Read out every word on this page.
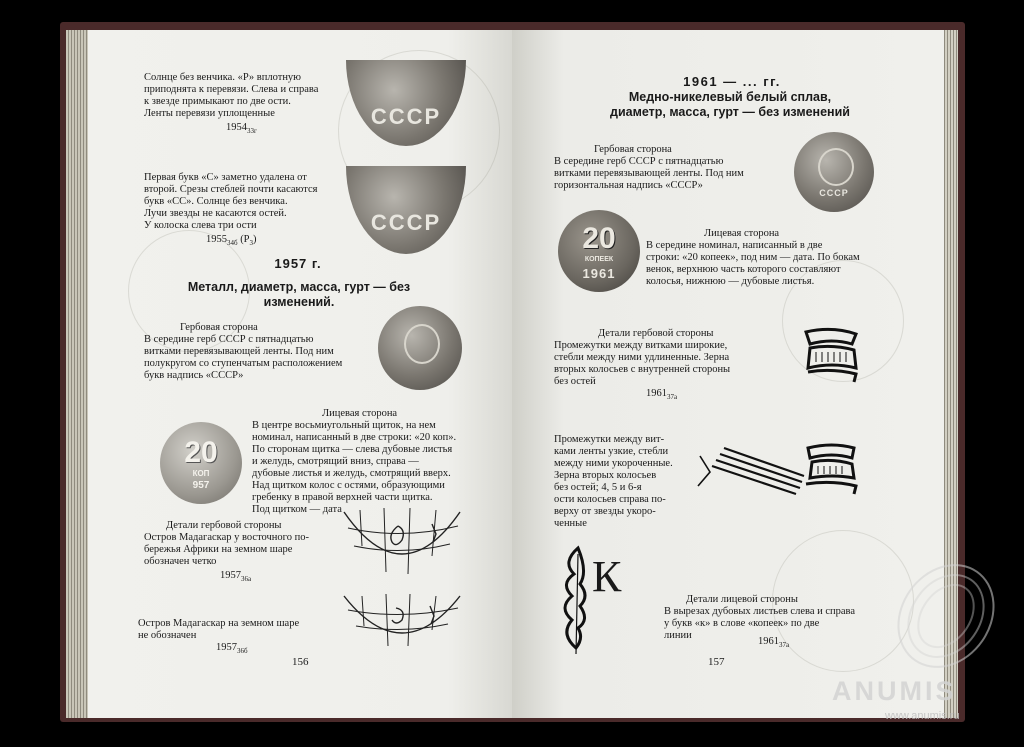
Солнце без венчика. «Р» вплотную
приподнята к перевязи. Слева и справа
к звезде примыкают по две ости.
Ленты перевязи уплощенные
$1954_{33г}$
СССР
Первая букв «С» заметно удалена от
второй. Срезы стеблей почти касаются
букв «СС». Солнце без венчика.
Лучи звезды не касаются остей.
У колоска слева три ости
$1955_{34б}$ $(Р_3)$
СССР
1957 г.
Металл, диаметр, масса, гурт — без
изменений.
Гербовая сторона
В середине герб СССР с пятнадцатью
витками перевязывающей ленты. Под ним
полукругом со ступенчатым расположением
букв надпись «СССР»
Лицевая сторона
В центре восьмиугольный щиток, на нем
номинал, написанный в две строки: «20 коп».
По сторонам щитка — слева дубовые листья
и желудь, смотрящий вниз, справа —
дубовые листья и желудь, смотрящий вверх.
Над щитком колос с остями, образующими
гребенку в правой верхней части щитка.
Под щитком — дата
20
КОП
957
Детали гербовой стороны
Остров Мадагаскар у восточного по-
бережья Африки на земном шаре
обозначен четко
$1957_{36а}$
Остров Мадагаскар на земном шаре
не обозначен
$1957_{36б}$
156
1961 — ... гг.
Медно-никелевый белый сплав,
диаметр, масса, гурт — без изменений
Гербовая сторона
В середине герб СССР с пятнадцатью
витками перевязывающей ленты. Под ним
горизонтальная надпись «СССР»
СССР
Лицевая сторона
В середине номинал, написанный в две
строки: «20 копеек», под ним — дата. По бокам
венок, верхнюю часть которого составляют
колосья, нижнюю — дубовые листья.
20
КОПЕЕК
1961
Детали гербовой стороны
Промежутки между витками широкие,
стебли между ними удлиненные. Зерна
вторых колосьев с внутренней стороны
без остей
$1961_{37а}$
Промежутки между вит-
ками ленты узкие, стебли
между ними укороченные.
Зерна вторых колосьев
без остей; 4, 5 и 6-я
ости колосьев справа по-
верху от звезды укоро-
ченные
К	Детали лицевой стороны
В вырезах дубовых листьев слева и справа
у букв «к» в слове «копеек» по две
линии
$1961_{37а}$
157
ANUMIS
www.anumis.ru
